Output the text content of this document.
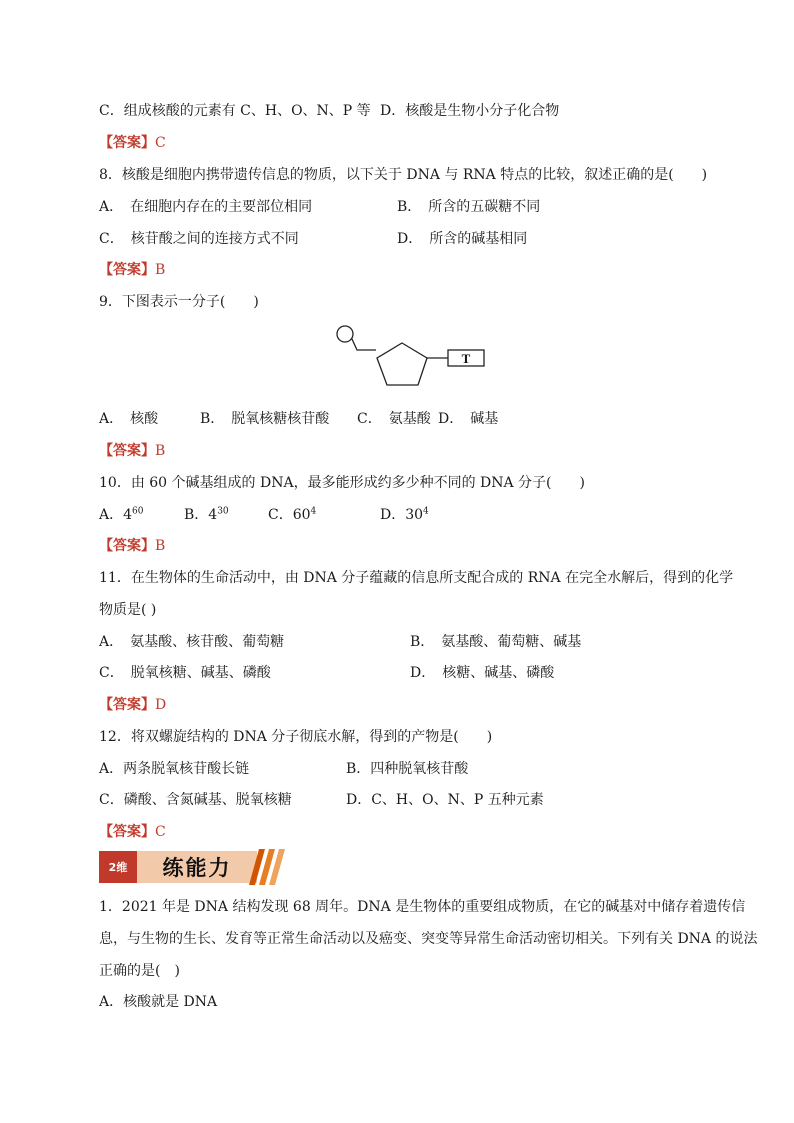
C．组成核酸的元素有 C、H、O、N、P 等 D．核酸是生物小分子化合物
【答案】C
8．核酸是细胞内携带遗传信息的物质，以下关于 DNA 与 RNA 特点的比较，叙述正确的是(　　)
A．　在细胞内存在的主要部位相同	B．　所含的五碳糖不同
C．　核苷酸之间的连接方式不同	D．　所含的碱基相同
【答案】B
9．下图表示一分子(　　)
T
A．　核酸	B．　脱氧核糖核苷酸 C．　氨基酸 D．　碱基
【答案】B
10．由 60 个碱基组成的 DNA，最多能形成约多少种不同的 DNA 分子(　　)
A．$4^{60}$	B．$4^{30}$	C．$60^4$	D．$30^4$
【答案】B
11．在生物体的生命活动中，由 DNA 分子蕴藏的信息所支配合成的 RNA 在完全水解后，得到的化学
物质是( )
A．　氨基酸、核苷酸、葡萄糖	B．　氨基酸、葡萄糖、碱基
C．　脱氧核糖、碱基、磷酸	D．　核糖、碱基、磷酸
【答案】D
12．将双螺旋结构的 DNA 分子彻底水解，得到的产物是(　　)
A．两条脱氧核苷酸长链	B．四种脱氧核苷酸
C．磷酸、含氮碱基、脱氧核糖	D．C、H、O、N、P 五种元素
【答案】C
2维	练能力
1．2021 年是 DNA 结构发现 68 周年。DNA 是生物体的重要组成物质，在它的碱基对中储存着遗传信
息，与生物的生长、发育等正常生命活动以及癌变、突变等异常生命活动密切相关。下列有关 DNA 的说法
正确的是(　)
A．核酸就是 DNA
